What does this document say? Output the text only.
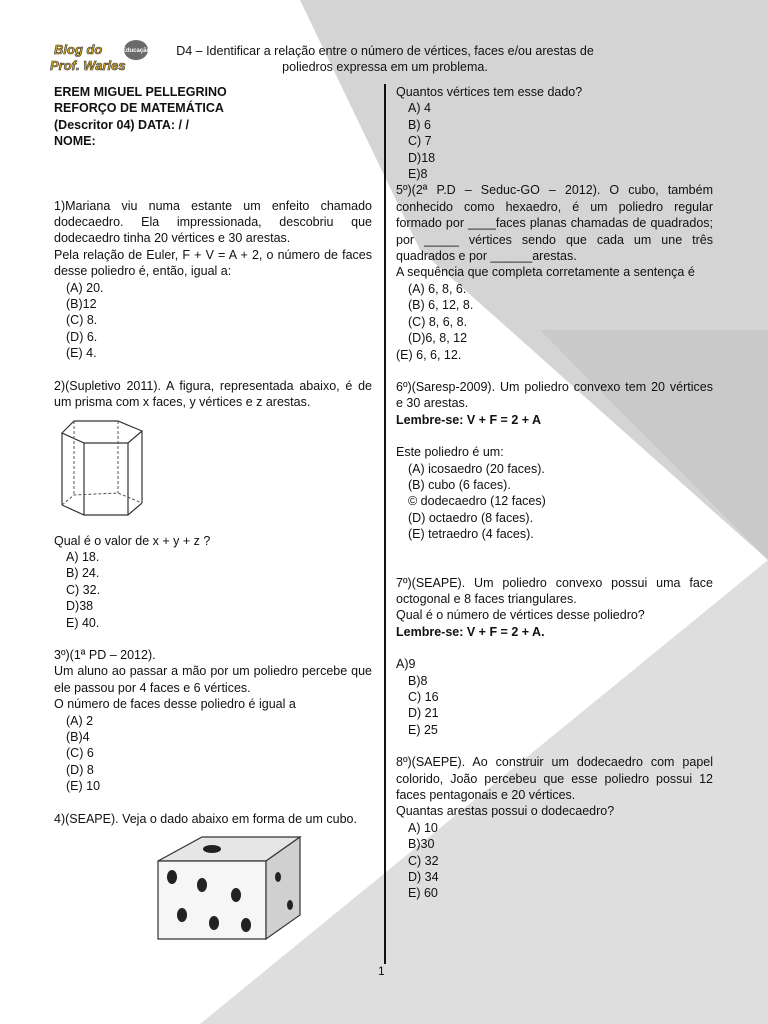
Educação
Blog do
Prof. Warles

D4 – Identificar a relação entre o número de vértices, faces e/ou arestas de

poliedros expressa em um problema.

EREM MIGUEL PELLEGRINO

REFORÇO DE MATEMÁTICA

(Descritor 04) DATA: / /

NOME:

1)Mariana viu numa estante um enfeito chamado dodecaedro. Ela impressionada, descobriu que dodecaedro tinha 20 vértices e 30 arestas.

Pela relação de Euler, F + V = A + 2, o número de faces desse poliedro é, então, igual a:

(A) 20.

(B)12

(C) 8.

(D) 6.

(E) 4.

2)(Supletivo 2011). A figura, representada abaixo, é de um prisma com x faces, y vértices e z arestas.

Qual é o valor de x + y + z ?

A) 18.

B) 24.

C) 32.

D)38

E) 40.

3º)(1ª PD – 2012).

Um aluno ao passar a mão por um poliedro percebe que ele passou por 4 faces e 6 vértices.

O número de faces desse poliedro é igual a

(A) 2

(B)4

(C) 6

(D) 8

(E) 10

4)(SEAPE). Veja o dado abaixo em forma de um cubo.

Quantos vértices tem esse dado?

A) 4

B) 6

C) 7

D)18

E)8

5º)(2ª P.D – Seduc-GO – 2012). O cubo, também conhecido como hexaedro, é um poliedro regular formado por ____faces planas chamadas de quadrados; por _____ vértices sendo que cada um une três quadrados e por ______arestas.

A sequência que completa corretamente a sentença é

(A) 6, 8, 6.

(B) 6, 12, 8.

(C) 8, 6, 8.

(D)6, 8, 12

(E) 6, 6, 12.

6º)(Saresp-2009). Um poliedro convexo tem 20 vértices e 30 arestas.

Lembre-se: V + F = 2 + A

Este poliedro é um:

(A) icosaedro (20 faces).

(B) cubo (6 faces).

© dodecaedro (12 faces)

(D) octaedro (8 faces).

(E) tetraedro (4 faces).

7º)(SEAPE). Um poliedro convexo possui uma face octogonal e 8 faces triangulares.

Qual é o número de vértices desse poliedro?

Lembre-se: V + F = 2 + A.

A)9

B)8

C) 16

D) 21

E) 25

8º)(SAEPE). Ao construir um dodecaedro com papel colorido, João percebeu que esse poliedro possui 12 faces pentagonais e 20 vértices.

Quantas arestas possui o dodecaedro?

A) 10

B)30

C) 32

D) 34

E) 60

1
